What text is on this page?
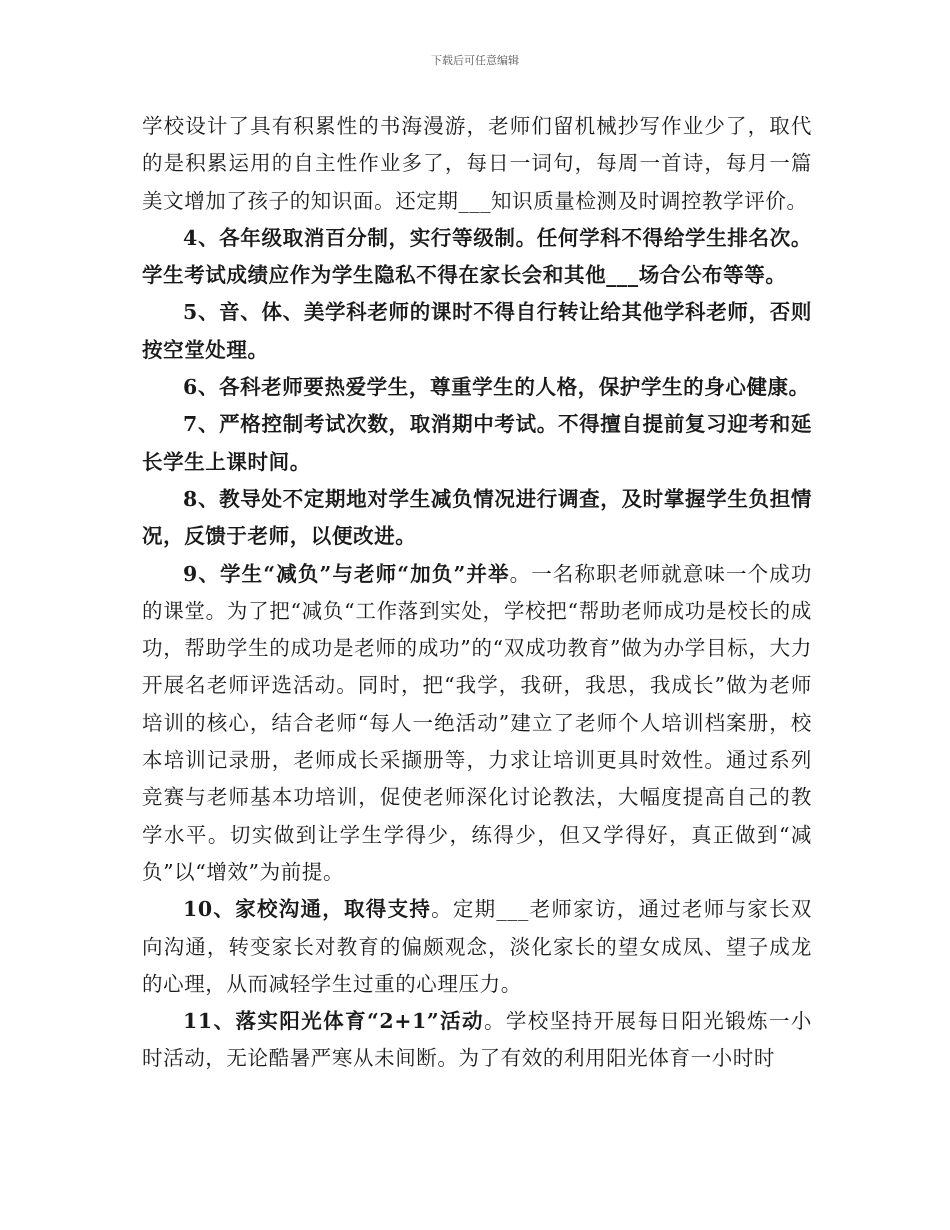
下载后可任意编辑

学校设计了具有积累性的书海漫游，老师们留机械抄写作业少了，取代的是积累运用的自主性作业多了，每日一词句，每周一首诗，每月一篇美文增加了孩子的知识面。还定期___知识质量检测及时调控教学评价。

4、各年级取消百分制，实行等级制。任何学科不得给学生排名次。学生考试成绩应作为学生隐私不得在家长会和其他___场合公布等等。

5、音、体、美学科老师的课时不得自行转让给其他学科老师，否则按空堂处理。

6、各科老师要热爱学生，尊重学生的人格，保护学生的身心健康。

7、严格控制考试次数，取消期中考试。不得擅自提前复习迎考和延长学生上课时间。

8、教导处不定期地对学生减负情况进行调查，及时掌握学生负担情况，反馈于老师，以便改进。

9、学生“减负”与老师“加负”并举。一名称职老师就意味一个成功的课堂。为了把“减负“工作落到实处，学校把“帮助老师成功是校长的成功，帮助学生的成功是老师的成功”的“双成功教育”做为办学目标，大力开展名老师评选活动。同时，把“我学，我研，我思，我成长”做为老师培训的核心，结合老师“每人一绝活动”建立了老师个人培训档案册，校本培训记录册，老师成长采撷册等，力求让培训更具时效性。通过系列竞赛与老师基本功培训，促使老师深化讨论教法，大幅度提高自己的教学水平。切实做到让学生学得少，练得少，但又学得好，真正做到“减负”以“增效”为前提。

10、家校沟通，取得支持。定期___老师家访，通过老师与家长双向沟通，转变家长对教育的偏颇观念，淡化家长的望女成凤、望子成龙的心理，从而减轻学生过重的心理压力。

11、落实阳光体育“2+1”活动。学校坚持开展每日阳光锻炼一小时活动，无论酷暑严寒从未间断。为了有效的利用阳光体育一小时时
